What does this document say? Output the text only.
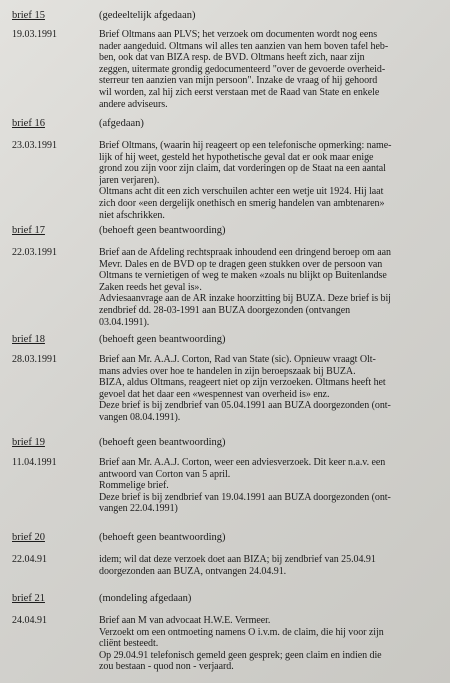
brief 15	(gedeeltelijk afgedaan)
19.03.1991	Brief Oltmans aan PLVS; het verzoek om documenten wordt nog eens
nader aangeduid. Oltmans wil alles ten aanzien van hem boven tafel heb-
ben, ook dat van BIZA resp. de BVD. Oltmans heeft zich, naar zijn
zeggen, uitermate grondig gedocumenteerd "over de gevoerde overheid-
sterreur ten aanzien van mijn persoon". Inzake de vraag of hij gehoord
wil worden, zal hij zich eerst verstaan met de Raad van State en enkele
andere adviseurs.
brief 16	(afgedaan)
23.03.1991	Brief Oltmans, (waarin hij reageert op een telefonische opmerking: name-
lijk of hij weet, gesteld het hypothetische geval dat er ook maar enige
grond zou zijn voor zijn claim, dat vorderingen op de Staat na een aantal
jaren verjaren).
Oltmans acht dit een zich verschuilen achter een wetje uit 1924. Hij laat
zich door «een dergelijk onethisch en smerig handelen van ambtenaren»
niet afschrikken.
brief 17	(behoeft geen beantwoording)
22.03.1991	Brief aan de Afdeling rechtspraak inhoudend een dringend beroep om aan
Mevr. Dales en de BVD op te dragen geen stukken over de persoon van
Oltmans te vernietigen of weg te maken «zoals nu blijkt op Buitenlandse
Zaken reeds het geval is».
Adviesaanvrage aan de AR inzake hoorzitting bij BUZA. Deze brief is bij
zendbrief dd. 28-03-1991 aan BUZA doorgezonden (ontvangen
03.04.1991).
brief 18	(behoeft geen beantwoording)
28.03.1991	Brief aan Mr. A.A.J. Corton, Rad van State (sic). Opnieuw vraagt Olt-
mans advies over hoe te handelen in zijn beroepszaak bij BUZA.
BIZA, aldus Oltmans, reageert niet op zijn verzoeken. Oltmans heeft het
gevoel dat het daar een «wespennest van overheid is» enz.
Deze brief is bij zendbrief van 05.04.1991 aan BUZA doorgezonden (ont-
vangen 08.04.1991).
brief 19	(behoeft geen beantwoording)
11.04.1991	Brief aan Mr. A.A.J. Corton, weer een adviesverzoek. Dit keer n.a.v. een
antwoord van Corton van 5 april.
Rommelige brief.
Deze brief is bij zendbrief van 19.04.1991 aan BUZA doorgezonden (ont-
vangen 22.04.1991)
brief 20	(behoeft geen beantwoording)
22.04.91	idem; wil dat deze verzoek doet aan BIZA; bij zendbrief van 25.04.91
doorgezonden aan BUZA, ontvangen 24.04.91.
brief 21	(mondeling afgedaan)
24.04.91	Brief aan M van advocaat H.W.E. Vermeer.
Verzoekt om een ontmoeting namens O i.v.m. de claim, die hij voor zijn
cliënt besteedt.
Op 29.04.91 telefonisch gemeld geen gesprek; geen claim en indien die
zou bestaan - quod non - verjaard.
